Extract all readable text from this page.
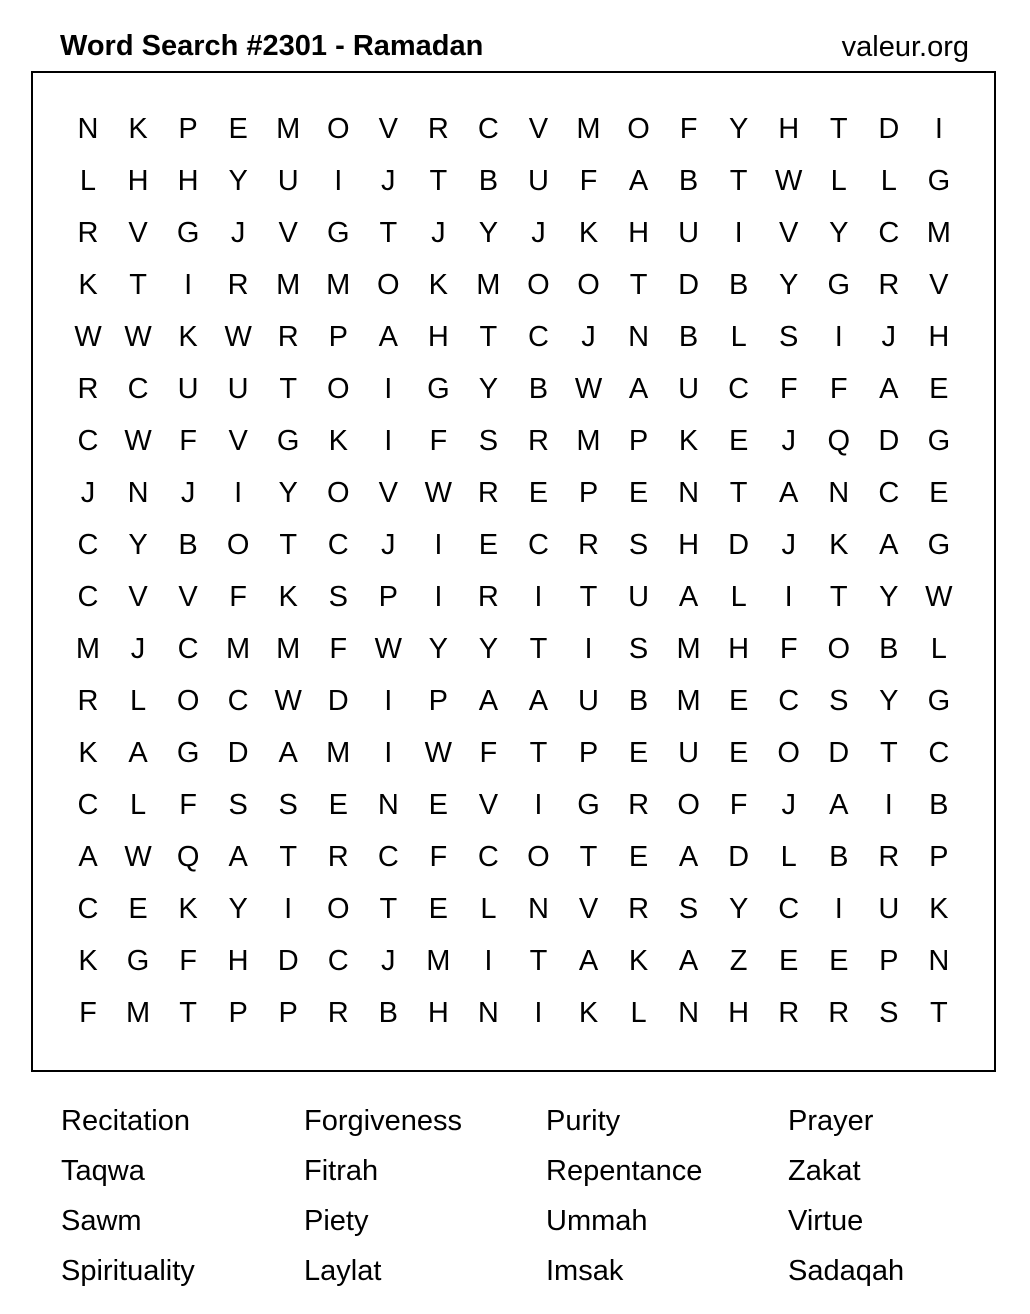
Word Search #2301 - Ramadan	valeur.org
N	K	P	E M O	V	R	C	V M O	F	Y	H	T	D	I
L	H	H	Y	U	I	J	T	B	U	F	A	B	T W L	L	G
R	V	G	J	V	G	T	J	Y	J	K	H	U	I	V	Y	C M
K	T	I	R M M O	K M O O	T	D	B	Y	G R	V
W W K W R	P	A	H	T	C	J	N	B	L	S	I	J	H
R	C	U	U	T	O	I	G	Y	B W A	U	C	F	F	A	E
C W F	V	G	K	I	F	S	R M P	K	E	J	Q D G
J	N	J	I	Y	O	V W R	E	P	E	N	T	A	N	C	E
C	Y	B	O	T	C	J	I	E	C	R	S	H	D	J	K	A	G
C	V	V	F	K	S	P	I	R	I	T	U	A	L	I	T	Y W
M	J	C M M	F W Y	Y	T	I	S M H	F	O	B	L
R	L	O C W D	I	P	A	A	U	B M E	C	S	Y	G
K	A	G D	A M	I	W F	T	P	E	U	E	O D	T	C
C	L	F	S	S	E	N	E	V	I	G R O	F	J	A	I	B
A W Q	A	T	R	C	F	C O	T	E	A	D	L	B	R	P
C	E	K	Y	I	O	T	E	L	N	V	R	S	Y	C	I	U	K
K	G	F	H	D	C	J	M	I	T	A	K	A	Z	E	E	P	N
F	M	T	P	P	R	B	H	N	I	K	L	N	H	R	R	S	T
Recitation	Forgiveness	Purity	Prayer
Taqwa	Fitrah	Repentance	Zakat
Sawm	Piety	Ummah	Virtue
Spirituality	Laylat	Imsak	Sadaqah
